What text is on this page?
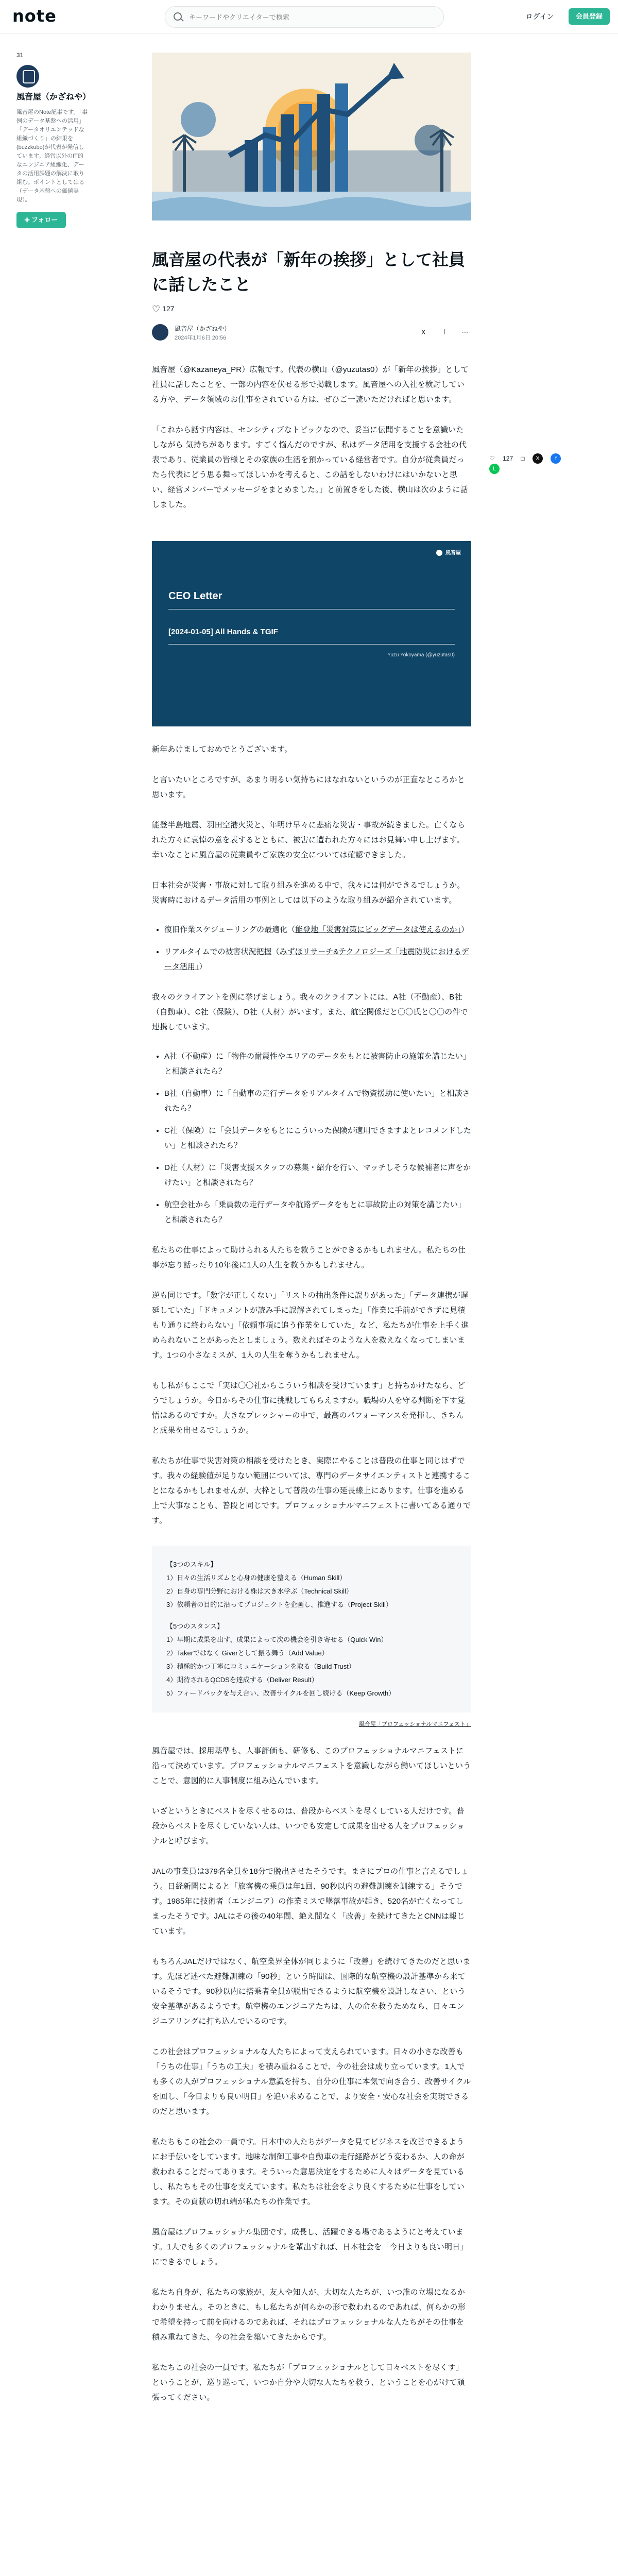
note
キーワードやクリエイターで検索	ログイン	会員登録
31
風音屋（かざねや）
風音屋のNote記事です。「事例のデータ基盤への活用」「データオリエンテッドな組織づくり」の結果を(buzzkubo)が代表が発信しています。経営以外のIT的なエンジニア組織化、データの活用課題の解決に取り組む。ポイントとしてはる（データ基盤への価値実現）。
➕︎ フォロー
♡ 127 □ X	f L
風音屋の代表が「新年の挨拶」として社員に話したこと
♡ 127
風音屋（かざねや）
2024年1月6日 20:56
X	f ⋯

風音屋（@Kazaneya_PR）広報です。代表の横山（@yuzutas0）が「新年の挨拶」として社員に話したことを、一部の内容を伏せる形で掲載します。風音屋への入社を検討している方や、データ領域のお仕事をされている方は、ぜひご一読いただければと思います。

「これから話す内容は、センシティブなトピックなので、妥当に伝聞することを意識いたしながら 気持ちがあります。すごく悩んだのですが、私はデータ活用を支援する会社の代表であり、従業員の皆様とその家族の生活を預かっている経営者です。自分が従業員だったら代表にどう思る舞ってほしいかを考えると、この話をしないわけにはいかないと思い、経営メンバーでメッセージをまとめました。」と前置きをした後、横山は次のように話しました。

風音屋
CEO Letter
[2024-01-05] All Hands & TGIF
Yuzu Yokoyama (@yuzutas0)

新年あけましておめでとうございます。

と言いたいところですが、あまり明るい気持ちにはなれないというのが正直なところかと思います。

能登半島地震、羽田空港火災と、年明け早々に悲痛な災害・事故が続きました。亡くなられた方々に哀悼の意を表するとともに、被害に遭われた方々にはお見舞い申し上げます。幸いなことに風音屋の従業員やご家族の安全については確認できました。

日本社会が災害・事故に対して取り組みを進める中で、我々には何ができるでしょうか。災害時におけるデータ活用の事例としては以下のような取り組みが紹介されています。

• 復旧作業スケジューリングの最適化（能登地「災害対策にビッグデータは使えるのか」）
• リアルタイムでの被害状況把握（みずほリサーチ&テクノロジーズ「地震防災におけるデータ活用」）

我々のクライアントを例に挙げましょう。我々のクライアントには、A社（不動産）、B社（自動車）、C社（保険）、D社（人材）がいます。また、航空関係だと〇〇氏と〇〇の件で連携しています。

• A社（不動産）に「物件の耐震性やエリアのデータをもとに被害防止の施策を講じたい」と相談されたら？
• B社（自動車）に「自動車の走行データをリアルタイムで物資援助に使いたい」と相談されたら？
• C社（保険）に「会員データをもとにこういった保険が適用できますよとレコメンドしたい」と相談されたら？
• D社（人材）に「災害支援スタッフの募集・紹介を行い、マッチしそうな候補者に声をかけたい」と相談されたら？
• 航空会社から「乗員数の走行データや航路データをもとに事故防止の対策を講じたい」と相談されたら？

私たちの仕事によって助けられる人たちを救うことができるかもしれません。私たちの仕事が忘り話ったり10年後に1人の人生を救うかもしれません。

逆も同じです。「数字が正しくない」「リストの抽出条件に誤りがあった」「データ連携が遅延していた」「ドキュメントが読み手に誤解されてしまった」「作業に手前ができずに見積もり通りに終わらない」「依頼事項に追う作業をしていた」など、私たちが仕事を上手く進められないことがあったとしましょう。数えればそのような人を救えなくなってしまいます。1つの小さなミスが、1人の人生を奪うかもしれません。

もし私がもここで「実は〇〇社からこういう相談を受けています」と持ちかけたなら、どうでしょうか。今日からその仕事に挑戦してもらえますか。職場の人を守る判断を下す覚悟はあるのですか。大きなプレッシャーの中で、最高のパフォーマンスを発揮し、きちんと成果を出せるでしょうか。

私たちが仕事で災害対策の相談を受けたとき、実際にやることは普段の仕事と同じはずです。我々の経験値が足りない範囲については、専門のデータサイエンティストと連携することになるかもしれませんが、大枠として普段の仕事の延長線上にあります。仕事を進める上で大事なことも、普段と同じです。プロフェッショナルマニフェストに書いてある通りです。

【3つのスキル】
1）日々の生活リズムと心身の健康を整える（Human Skill）
2）自身の専門分野における株は大き水学ぶ（Technical Skill）
3）依頼者の目的に沿ってプロジェクトを企画し、推進する（Project Skill）
【5つのスタンス】
1）早期に成果を出す、成果によって次の機会を引き寄せる（Quick Win）
2）Takerではなく Giverとして振る舞う（Add Value）
3）積極的かつ丁寧にコミュニケーションを取る（Build Trust）
4）期待されるQCDSを達成する（Deliver Result）
5）フィードバックを与え合い、改善サイクルを回し続ける（Keep Growth）
風音屋「プロフェッショナルマニフェスト」

風音屋では、採用基準も、人事評価も、研修も、このプロフェッショナルマニフェストに沿って決めています。プロフェッショナルマニフェストを意識しながら働いてほしいということで、意図的に人事制度に組み込んでいます。

いざというときにベストを尽くせるのは、普段からベストを尽くしている人だけです。普段からベストを尽くしていない人は、いつでも安定して成果を出せる人をプロフェッショナルと呼びます。

JALの事業員は379名全員を18分で脱出させたそうです。まさにプロの仕事と言えるでしょう。日経新聞によると「旅客機の乗員は年1回、90秒以内の避難訓練を訓練する」そうです。1985年に技術者（エンジニア）の作業ミスで墜落事故が起き、520名が亡くなってしまったそうです。JALはその後の40年間、絶え間なく「改善」を続けてきたとCNNは報じています。

もちろんJALだけではなく、航空業界全体が同じように「改善」を続けてきたのだと思います。先ほど述べた避難訓練の「90秒」という時間は、国際的な航空機の設計基準から来ているそうです。90秒以内に搭乗者全員が脱出できるように航空機を設計しなさい、という安全基準があるようです。航空機のエンジニアたちは、人の命を救うためなら、日々エンジニアリングに打ち込んでいるのです。

この社会はプロフェッショナルな人たちによって支えられています。日々の小さな改善も「うちの仕事」「うちの工夫」を積み重ねることで、今の社会は成り立っています。1人でも多くの人がプロフェッショナル意識を持ち、自分の仕事に本気で向き合う、改善サイクルを回し、「今日よりも良い明日」を追い求めることで、より安全・安心な社会を実現できるのだと思います。

私たちもこの社会の一員です。日本中の人たちがデータを見てビジネスを改善できるようにお手伝いをしています。地味な制御工事や自動車の走行経路がどう変わるか、人の命が救われることだってあります。そういった意思決定をするために人々はデータを見ているし、私たちもその仕事を支えています。私たちは社会をより良くするために仕事をしています。その貢献の切れ端が私たちの作業です。

風音屋はプロフェッショナル集団です。成長し、活躍できる場であるようにと考えています。1人でも多くのプロフェッショナルを輩出すれば、日本社会を「今日よりも良い明日」にできるでしょう。

私たち自身が、私たちの家族が、友人や知人が、大切な人たちが、いつ誰の立場になるかわかりません。そのときに、もし私たちが何らかの形で救われるのであれば、何らかの形で希望を持って前を向けるのであれば、それはプロフェッショナルな人たちがその仕事を積み重ねてきた、今の社会を築いてきたからです。

私たちこの社会の一員です。私たちが「プロフェッショナルとして日々ベストを尽くす」ということが、巡り巡って、いつか自分や大切な人たちを救う、ということを心がけて頑張ってください。
